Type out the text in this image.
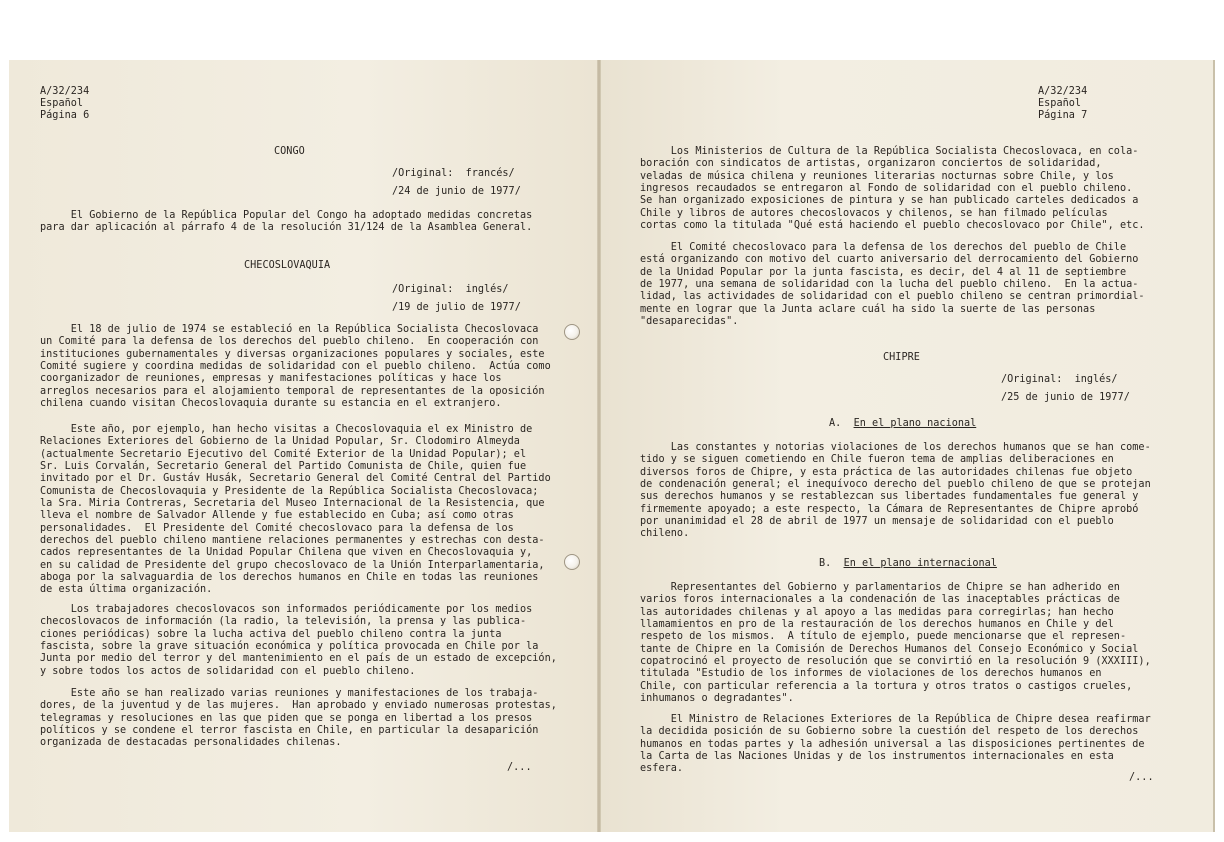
A/32/234
Español
Página 6
CONGO
/Original:  francés/
/24 de junio de 1977/
El Gobierno de la República Popular del Congo ha adoptado medidas concretas
para dar aplicación al párrafo 4 de la resolución 31/124 de la Asamblea General.
CHECOSLOVAQUIA
/Original:  inglés/
/19 de julio de 1977/
El 18 de julio de 1974 se estableció en la República Socialista Checoslovaca
un Comité para la defensa de los derechos del pueblo chileno.  En cooperación con
instituciones gubernamentales y diversas organizaciones populares y sociales, este
Comité sugiere y coordina medidas de solidaridad con el pueblo chileno.  Actúa como
coorganizador de reuniones, empresas y manifestaciones políticas y hace los
arreglos necesarios para el alojamiento temporal de representantes de la oposición
chilena cuando visitan Checoslovaquia durante su estancia en el extranjero.
Este año, por ejemplo, han hecho visitas a Checoslovaquia el ex Ministro de
Relaciones Exteriores del Gobierno de la Unidad Popular, Sr. Clodomiro Almeyda
(actualmente Secretario Ejecutivo del Comité Exterior de la Unidad Popular); el
Sr. Luis Corvalán, Secretario General del Partido Comunista de Chile, quien fue
invitado por el Dr. Gustáv Husák, Secretario General del Comité Central del Partido
Comunista de Checoslovaquia y Presidente de la República Socialista Checoslovaca;
la Sra. Miria Contreras, Secretaria del Museo Internacional de la Resistencia, que
lleva el nombre de Salvador Allende y fue establecido en Cuba; así como otras
personalidades.  El Presidente del Comité checoslovaco para la defensa de los
derechos del pueblo chileno mantiene relaciones permanentes y estrechas con desta-
cados representantes de la Unidad Popular Chilena que viven en Checoslovaquia y,
en su calidad de Presidente del grupo checoslovaco de la Unión Interparlamentaria,
aboga por la salvaguardia de los derechos humanos en Chile en todas las reuniones
de esta última organización.
Los trabajadores checoslovacos son informados periódicamente por los medios
checoslovacos de información (la radio, la televisión, la prensa y las publica-
ciones periódicas) sobre la lucha activa del pueblo chileno contra la junta
fascista, sobre la grave situación económica y política provocada en Chile por la
Junta por medio del terror y del mantenimiento en el país de un estado de excepción,
y sobre todos los actos de solidaridad con el pueblo chileno.
Este año se han realizado varias reuniones y manifestaciones de los trabaja-
dores, de la juventud y de las mujeres.  Han aprobado y enviado numerosas protestas,
telegramas y resoluciones en las que piden que se ponga en libertad a los presos
políticos y se condene el terror fascista en Chile, en particular la desaparición
organizada de destacadas personalidades chilenas.
/...
A/32/234
Español
Página 7
Los Ministerios de Cultura de la República Socialista Checoslovaca, en cola-
boración con sindicatos de artistas, organizaron conciertos de solidaridad,
veladas de música chilena y reuniones literarias nocturnas sobre Chile, y los
ingresos recaudados se entregaron al Fondo de solidaridad con el pueblo chileno.
Se han organizado exposiciones de pintura y se han publicado carteles dedicados a
Chile y libros de autores checoslovacos y chilenos, se han filmado películas
cortas como la titulada "Qué está haciendo el pueblo checoslovaco por Chile", etc.
El Comité checoslovaco para la defensa de los derechos del pueblo de Chile
está organizando con motivo del cuarto aniversario del derrocamiento del Gobierno
de la Unidad Popular por la junta fascista, es decir, del 4 al 11 de septiembre
de 1977, una semana de solidaridad con la lucha del pueblo chileno.  En la actua-
lidad, las actividades de solidaridad con el pueblo chileno se centran primordial-
mente en lograr que la Junta aclare cuál ha sido la suerte de las personas
"desaparecidas".
CHIPRE
/Original:  inglés/
/25 de junio de 1977/
A. En el plano nacional
Las constantes y notorias violaciones de los derechos humanos que se han come-
tido y se siguen cometiendo en Chile fueron tema de amplias deliberaciones en
diversos foros de Chipre, y esta práctica de las autoridades chilenas fue objeto
de condenación general; el inequívoco derecho del pueblo chileno de que se protejan
sus derechos humanos y se restablezcan sus libertades fundamentales fue general y
firmemente apoyado; a este respecto, la Cámara de Representantes de Chipre aprobó
por unanimidad el 28 de abril de 1977 un mensaje de solidaridad con el pueblo
chileno.
B. En el plano internacional
Representantes del Gobierno y parlamentarios de Chipre se han adherido en
varios foros internacionales a la condenación de las inaceptables prácticas de
las autoridades chilenas y al apoyo a las medidas para corregirlas; han hecho
llamamientos en pro de la restauración de los derechos humanos en Chile y del
respeto de los mismos.  A título de ejemplo, puede mencionarse que el represen-
tante de Chipre en la Comisión de Derechos Humanos del Consejo Económico y Social
copatrocinó el proyecto de resolución que se convirtió en la resolución 9 (XXXIII),
titulada "Estudio de los informes de violaciones de los derechos humanos en
Chile, con particular referencia a la tortura y otros tratos o castigos crueles,
inhumanos o degradantes".
El Ministro de Relaciones Exteriores de la República de Chipre desea reafirmar
la decidida posición de su Gobierno sobre la cuestión del respeto de los derechos
humanos en todas partes y la adhesión universal a las disposiciones pertinentes de
la Carta de las Naciones Unidas y de los instrumentos internacionales en esta
esfera.
/...
